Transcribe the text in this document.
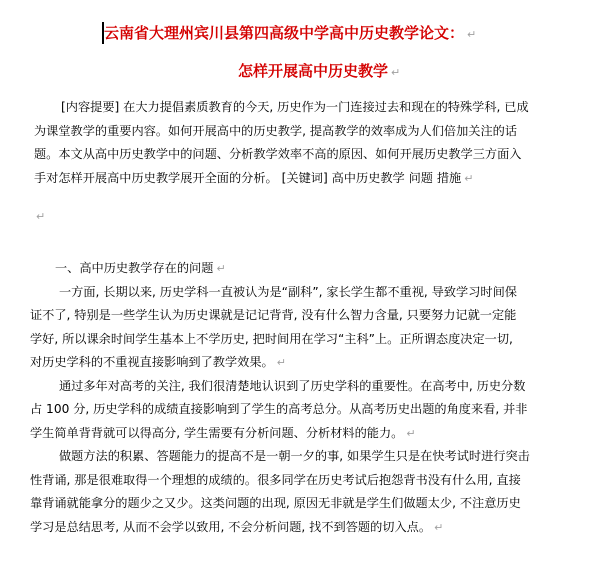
云南省大理州宾川县第四高级中学高中历史教学论文： ↵
怎样开展高中历史教学 ↵
[内容提要] 在大力提倡素质教育的今天, 历史作为一门连接过去和现在的特殊学科, 已成
为课堂教学的重要内容。如何开展高中的历史教学, 提高教学的效率成为人们倍加关注的话
题。本文从高中历史教学中的问题、分析教学效率不高的原因、如何开展历史教学三方面入
手对怎样开展高中历史教学展开全面的分析。 [关键词] 高中历史教学 问题 措施 ↵
↵
一、高中历史教学存在的问题 ↵
一方面, 长期以来, 历史学科一直被认为是“副科”, 家长学生都不重视, 导致学习时间保
证不了, 特别是一些学生认为历史课就是记记背背, 没有什么智力含量, 只要努力记就一定能
学好, 所以课余时间学生基本上不学历史, 把时间用在学习“主科”上。正所谓态度决定一切,
对历史学科的不重视直接影响到了教学效果。 ↵
通过多年对高考的关注, 我们很清楚地认识到了历史学科的重要性。在高考中, 历史分数
占 100 分, 历史学科的成绩直接影响到了学生的高考总分。从高考历史出题的角度来看, 并非
学生简单背背就可以得高分, 学生需要有分析问题、分析材料的能力。 ↵
做题方法的积累、答题能力的提高不是一朝一夕的事, 如果学生只是在快考试时进行突击
性背诵, 那是很难取得一个理想的成绩的。很多同学在历史考试后抱怨背书没有什么用, 直接
靠背诵就能拿分的题少之又少。这类问题的出现, 原因无非就是学生们做题太少, 不注意历史
学习是总结思考, 从而不会学以致用, 不会分析问题, 找不到答题的切入点。 ↵
